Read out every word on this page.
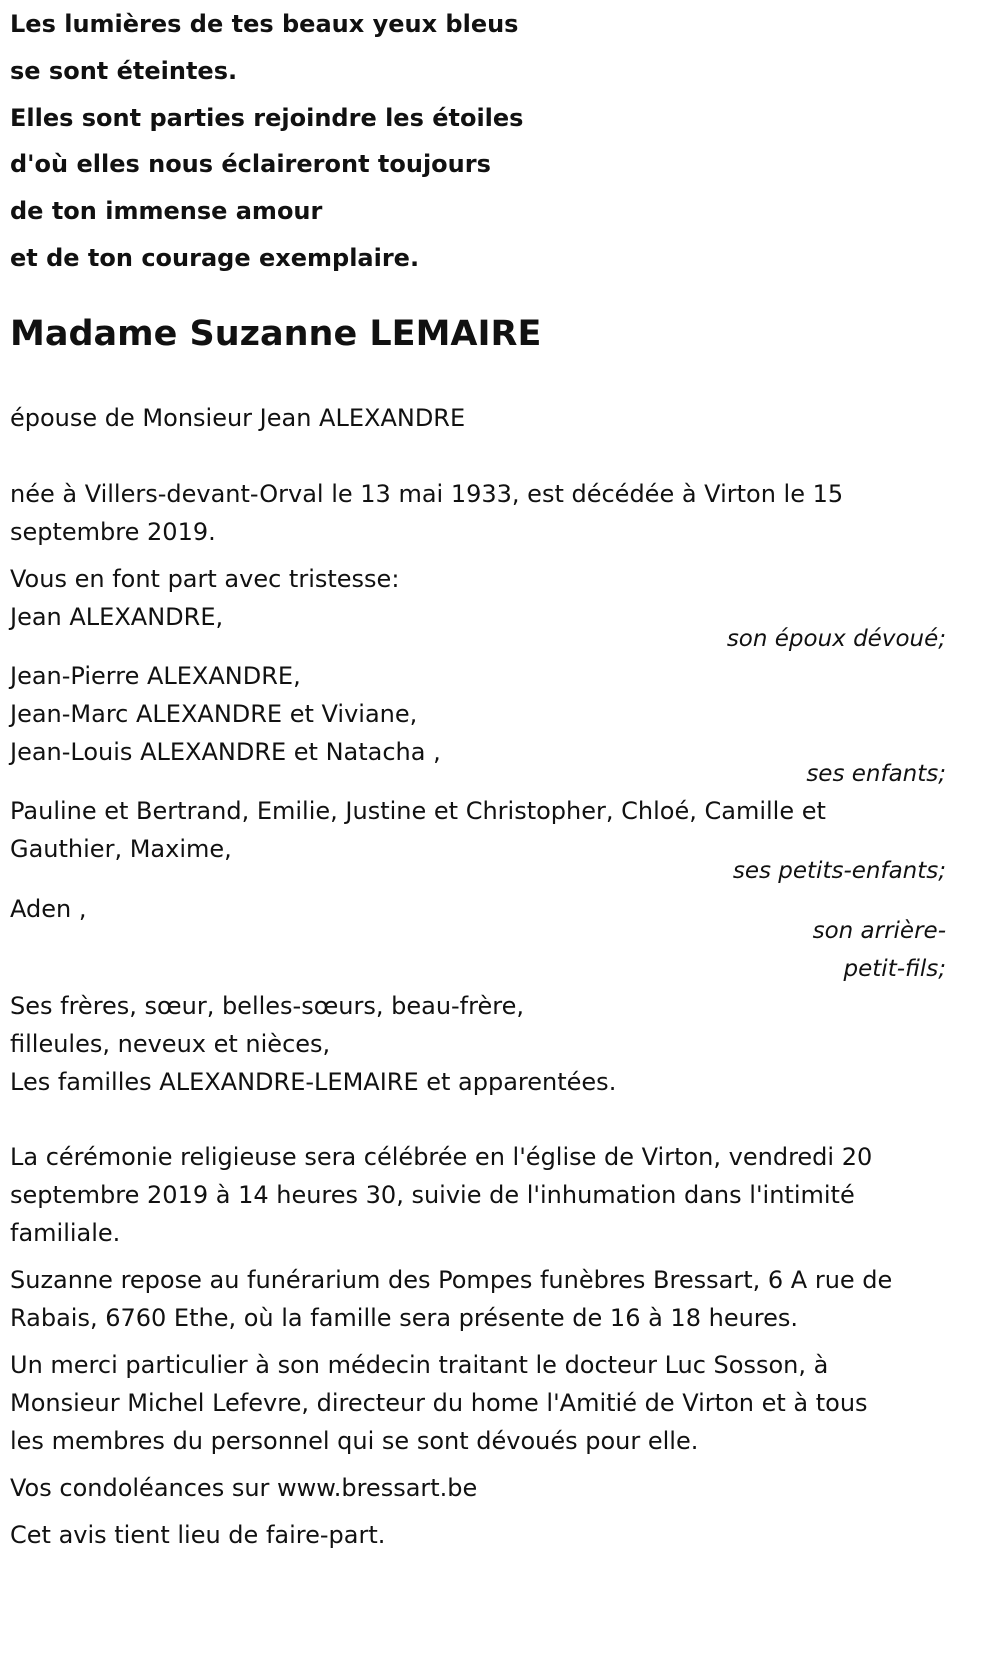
Les lumières de tes beaux yeux bleus
se sont éteintes.
Elles sont parties rejoindre les étoiles
d'où elles nous éclaireront toujours
de ton immense amour
et de ton courage exemplaire.
Madame Suzanne LEMAIRE
épouse de Monsieur Jean ALEXANDRE
née à Villers-devant-Orval le 13 mai 1933, est décédée à Virton le 15
septembre 2019.
Vous en font part avec tristesse:
Jean ALEXANDRE,
son époux dévoué;
Jean-Pierre ALEXANDRE,
Jean-Marc ALEXANDRE et Viviane,
Jean-Louis ALEXANDRE et Natacha ,
ses enfants;
Pauline et Bertrand, Emilie, Justine et Christopher, Chloé, Camille et
Gauthier, Maxime,
ses petits-enfants;
Aden ,
son arrière-
petit-fils;
Ses frères, sœur, belles-sœurs, beau-frère,
filleules, neveux et nièces,
Les familles ALEXANDRE-LEMAIRE et apparentées.
La cérémonie religieuse sera célébrée en l'église de Virton, vendredi 20
septembre 2019 à 14 heures 30, suivie de l'inhumation dans l'intimité
familiale.
Suzanne repose au funérarium des Pompes funèbres Bressart, 6 A rue de
Rabais, 6760 Ethe, où la famille sera présente de 16 à 18 heures.
Un merci particulier à son médecin traitant le docteur Luc Sosson, à
Monsieur Michel Lefevre, directeur du home l'Amitié de Virton et à tous
les membres du personnel qui se sont dévoués pour elle.
Vos condoléances sur www.bressart.be
Cet avis tient lieu de faire-part.
